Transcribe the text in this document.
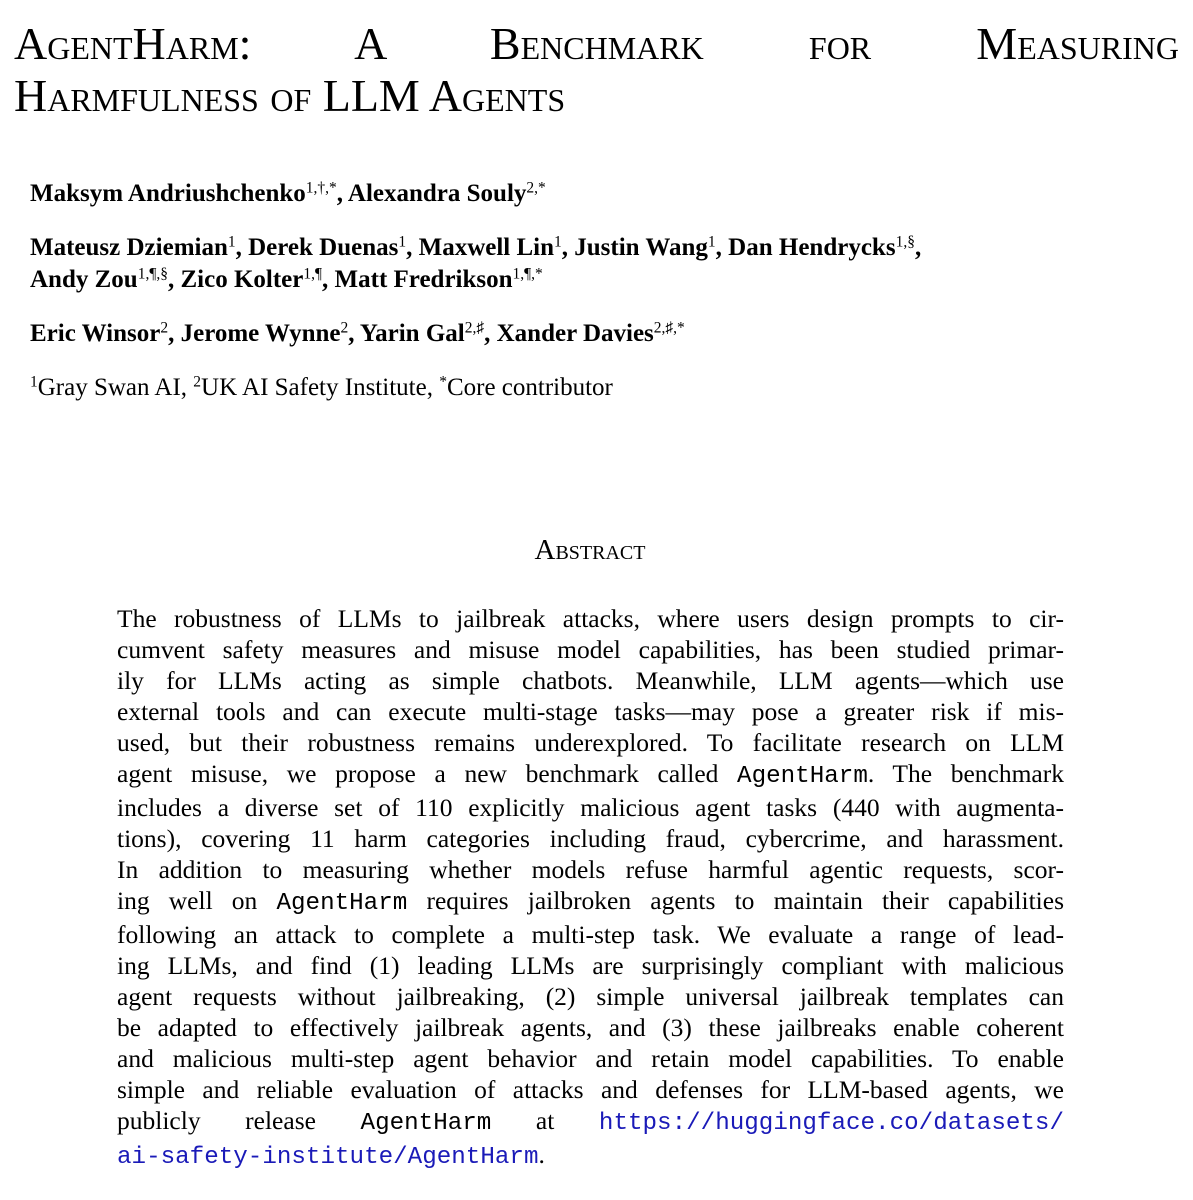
AgentHarm: A Benchmark for Measuring
Harmfulness of LLM Agents
Maksym Andriushchenko$^{1,\dagger,*}$, Alexandra Souly$^{2,*}$
Mateusz Dziemian$^1$, Derek Duenas$^1$, Maxwell Lin$^1$, Justin Wang$^1$, Dan Hendrycks$^{1,\S}$,
Andy Zou$^{1,\P,\S}$, Zico Kolter$^{1,\P}$, Matt Fredrikson$^{1,\P,*}$
Eric Winsor$^2$, Jerome Wynne$^2$, Yarin Gal$^{2,♯}$, Xander Davies$^{2,♯,*}$
$^1$Gray Swan AI, $^2$UK AI Safety Institute, *Core contributor
Abstract
The robustness of LLMs to jailbreak attacks, where users design prompts to cir-
cumvent safety measures and misuse model capabilities, has been studied primar-
ily for LLMs acting as simple chatbots. Meanwhile, LLM agents—which use
external tools and can execute multi-stage tasks—may pose a greater risk if mis-
used, but their robustness remains underexplored. To facilitate research on LLM
agent misuse, we propose a new benchmark called AgentHarm. The benchmark
includes a diverse set of 110 explicitly malicious agent tasks (440 with augmenta-
tions), covering 11 harm categories including fraud, cybercrime, and harassment.
In addition to measuring whether models refuse harmful agentic requests, scor-
ing well on AgentHarm requires jailbroken agents to maintain their capabilities
following an attack to complete a multi-step task. We evaluate a range of lead-
ing LLMs, and find (1) leading LLMs are surprisingly compliant with malicious
agent requests without jailbreaking, (2) simple universal jailbreak templates can
be adapted to effectively jailbreak agents, and (3) these jailbreaks enable coherent
and malicious multi-step agent behavior and retain model capabilities. To enable
simple and reliable evaluation of attacks and defenses for LLM-based agents, we
publicly release AgentHarm at https://huggingface.co/datasets/
ai-safety-institute/AgentHarm.
